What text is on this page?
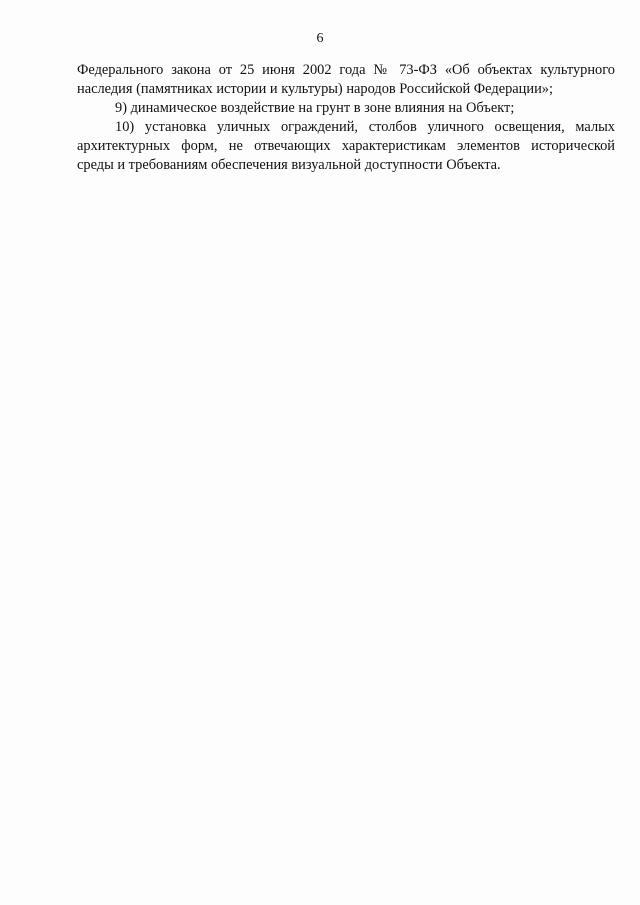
6
Федерального закона от 25 июня 2002 года № 73-ФЗ «Об объектах культурного
наследия (памятниках истории и культуры) народов Российской Федерации»;
9) динамическое воздействие на грунт в зоне влияния на Объект;
10) установка уличных ограждений, столбов уличного освещения, малых
архитектурных форм, не отвечающих характеристикам элементов исторической
среды и требованиям обеспечения визуальной доступности Объекта.
